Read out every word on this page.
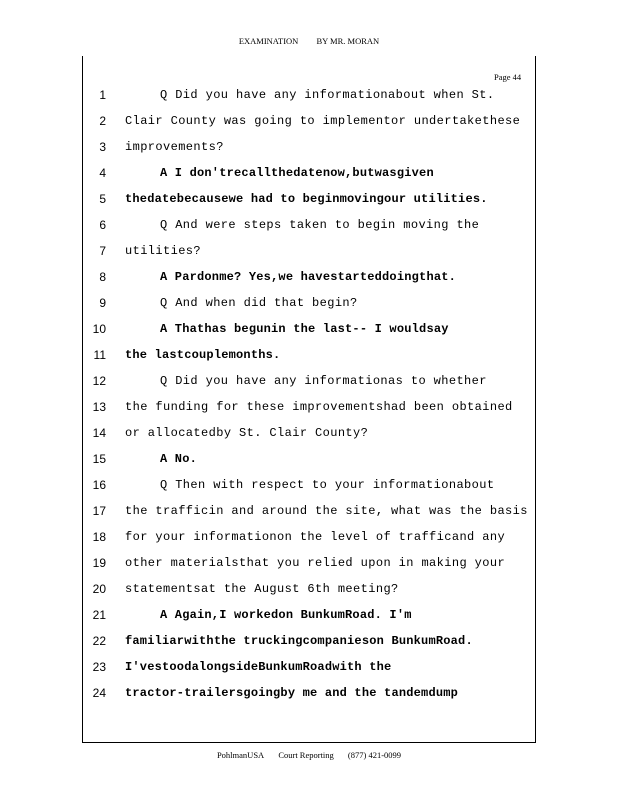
EXAMINATION BY MR. MORAN
Page 44
1	Q Did you have any informationabout when St.
2 Clair County was going to implementor undertakethese
3 improvements?
4	A I don'trecallthedatenow,butwasgiven
5 thedatebecausewe had to beginmovingour utilities.
6	Q And were steps taken to begin moving the
7 utilities?
8	A Pardonme? Yes,we havestarteddoingthat.
9	Q And when did that begin?
10	A Thathas begunin the last-- I wouldsay
11 the lastcouplemonths.
12	Q Did you have any informationas to whether
13 the funding for these improvementshad been obtained
14 or allocatedby St. Clair County?
15	A No.
16	Q Then with respect to your informationabout
17 the trafficin and around the site, what was the basis
18 for your informationon the level of trafficand any
19 other materialsthat you relied upon in making your
20 statementsat the August 6th meeting?
21	A Again,I workedon BunkumRoad. I'm
22 familiarwiththe truckingcompanieson BunkumRoad.
23 I'vestoodalongsideBunkumRoadwith the
24 tractor-trailersgoingby me and the tandemdump
PohlmanUSA Court Reporting (877) 421-0099
